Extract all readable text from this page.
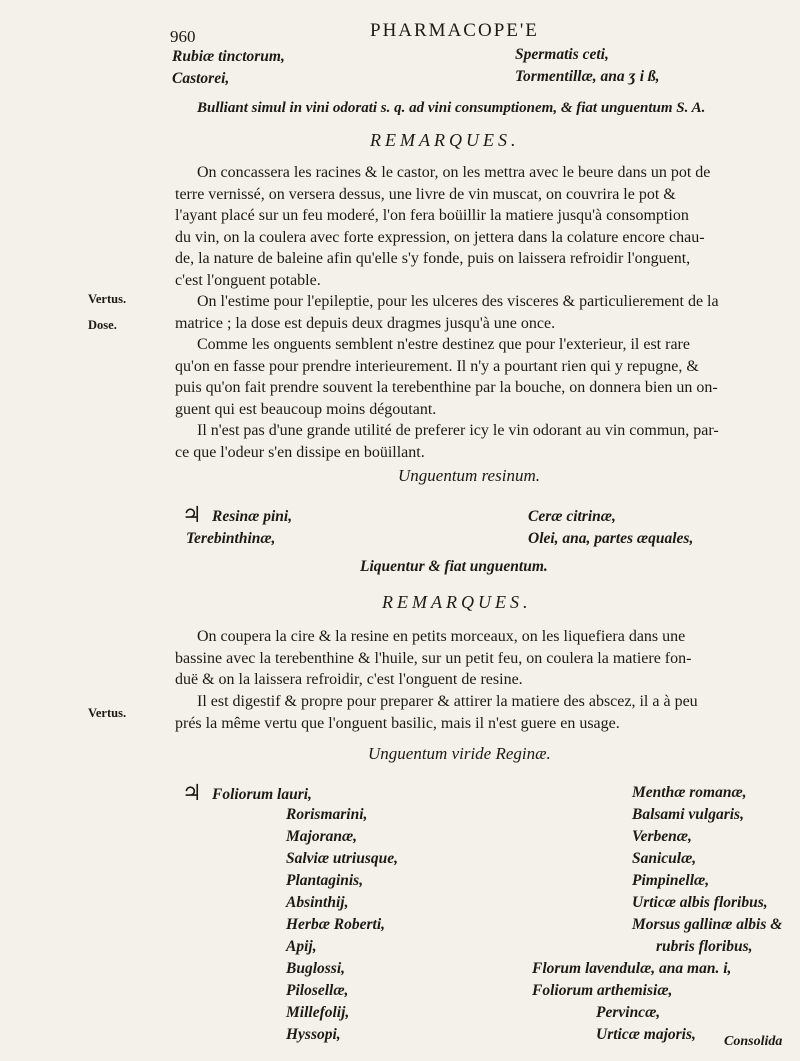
960	PHARMACOPE'E
Rubiæ tinctorum,
Castorei,
Spermatis ceti,
Tormentillæ, ana ʒ i ß,
Bulliant simul in vini odorati s. q. ad vini consumptionem, & fiat unguentum S. A.
REMARQUES.
On concassera les racines & le castor, on les mettra avec le beure dans un pot de
terre vernissé, on versera dessus, une livre de vin muscat, on couvrira le pot &
l'ayant placé sur un feu moderé, l'on fera boüillir la matiere jusqu'à consomption
du vin, on la coulera avec forte expression, on jettera dans la colature encore chau-
de, la nature de baleine afin qu'elle s'y fonde, puis on laissera refroidir l'onguent,
c'est l'onguent potable.
Vertus.
Dose.
On l'estime pour l'epileptie, pour les ulceres des visceres & particulierement de la
matrice ; la dose est depuis deux dragmes jusqu'à une once.
Comme les onguents semblent n'estre destinez que pour l'exterieur, il est rare
qu'on en fasse pour prendre interieurement. Il n'y a pourtant rien qui y repugne, &
puis qu'on fait prendre souvent la terebenthine par la bouche, on donnera bien un on-
guent qui est beaucoup moins dégoutant.
Il n'est pas d'une grande utilité de preferer icy le vin odorant au vin commun, par-
ce que l'odeur s'en dissipe en boüillant.
Unguentum resinum.
♃ Resinæ pini,
Terebinthinæ,
Ceræ citrinæ,
Olei, ana, partes æquales,
Liquentur & fiat unguentum.
REMARQUES.
On coupera la cire & la resine en petits morceaux, on les liquefiera dans une
bassine avec la terebenthine & l'huile, sur un petit feu, on coulera la matiere fon-
duë & on la laissera refroidir, c'est l'onguent de resine.
Vertus.
Il est digestif & propre pour preparer & attirer la matiere des abscez, il a à peu
prés la même vertu que l'onguent basilic, mais il n'est guere en usage.
Unguentum viride Reginæ.
♃ Foliorum lauri,
Rorismarini,
Majoranæ,
Salviæ utriusque,
Plantaginis,
Absinthij,
Herbæ Roberti,
Apij,
Buglossi,
Pilosellæ,
Millefolij,
Hyssopi,
Menthæ romanæ,
Balsami vulgaris,
Verbenæ,
Saniculæ,
Pimpinellæ,
Urticæ albis floribus,
Morsus gallinæ albis &
rubris floribus,
Florum lavendulæ, ana man. i,
Foliorum arthemisiæ,
Pervincæ,
Urticæ majoris, Consolida
